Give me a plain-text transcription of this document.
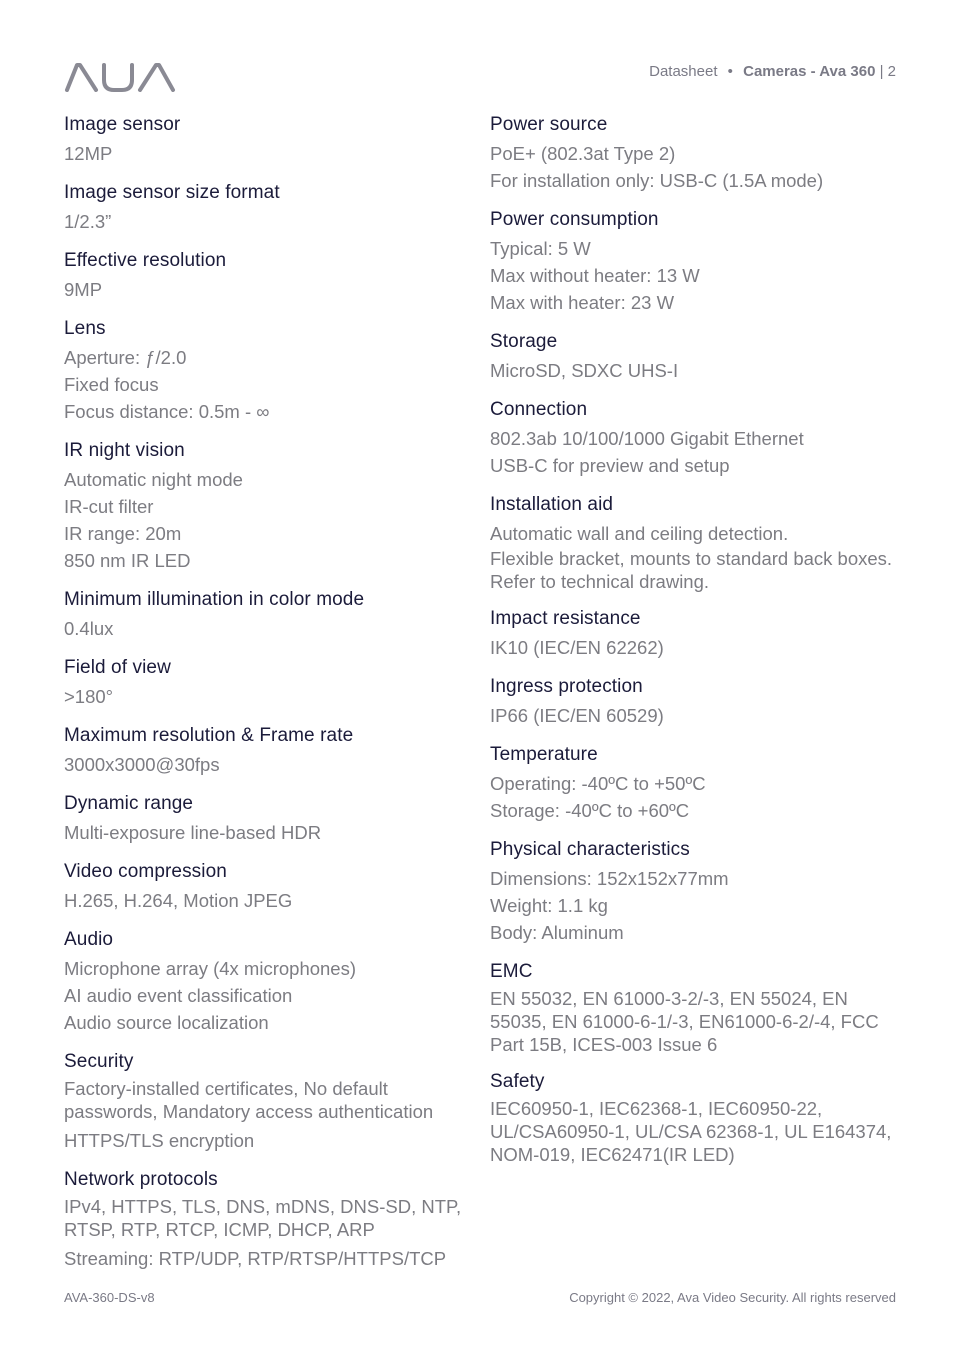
Datasheet • Cameras - Ava 360 | 2
Image sensor
12MP
Image sensor size format
1/2.3”
Effective resolution
9MP
Lens
Aperture: ƒ/2.0
Fixed focus
Focus distance: 0.5m - ∞
IR night vision
Automatic night mode
IR-cut filter
IR range: 20m
850 nm IR LED
Minimum illumination in color mode
0.4lux
Field of view
>180°
Maximum resolution & Frame rate
3000x3000@30fps
Dynamic range
Multi-exposure line-based HDR
Video compression
H.265, H.264, Motion JPEG
Audio
Microphone array (4x microphones)
AI audio event classification
Audio source localization
Security
Factory-installed certificates, No default passwords, Mandatory access authentication
HTTPS/TLS encryption
Network protocols
IPv4, HTTPS, TLS, DNS, mDNS, DNS-SD, NTP, RTSP, RTP, RTCP, ICMP, DHCP, ARP
Streaming: RTP/UDP, RTP/RTSP/HTTPS/TCP
Power source
PoE+ (802.3at Type 2)
For installation only: USB-C (1.5A mode)
Power consumption
Typical: 5 W
Max without heater: 13 W
Max with heater: 23 W
Storage
MicroSD, SDXC UHS-I
Connection
802.3ab 10/100/1000 Gigabit Ethernet
USB-C for preview and setup
Installation aid
Automatic wall and ceiling detection.
Flexible bracket, mounts to standard back boxes. Refer to technical drawing.
Impact resistance
IK10 (IEC/EN 62262)
Ingress protection
IP66 (IEC/EN 60529)
Temperature
Operating: -40ºC to +50ºC
Storage: -40ºC to +60ºC
Physical characteristics
Dimensions: 152x152x77mm
Weight: 1.1 kg
Body: Aluminum
EMC
EN 55032, EN 61000-3-2/-3, EN 55024, EN 55035, EN 61000-6-1/-3, EN61000-6-2/-4, FCC Part 15B, ICES-003 Issue 6
Safety
IEC60950-1, IEC62368-1, IEC60950-22, UL/CSA60950-1, UL/CSA 62368-1, UL E164374, NOM-019, IEC62471(IR LED)
AVA-360-DS-v8	Copyright © 2022, Ava Video Security. All rights reserved
